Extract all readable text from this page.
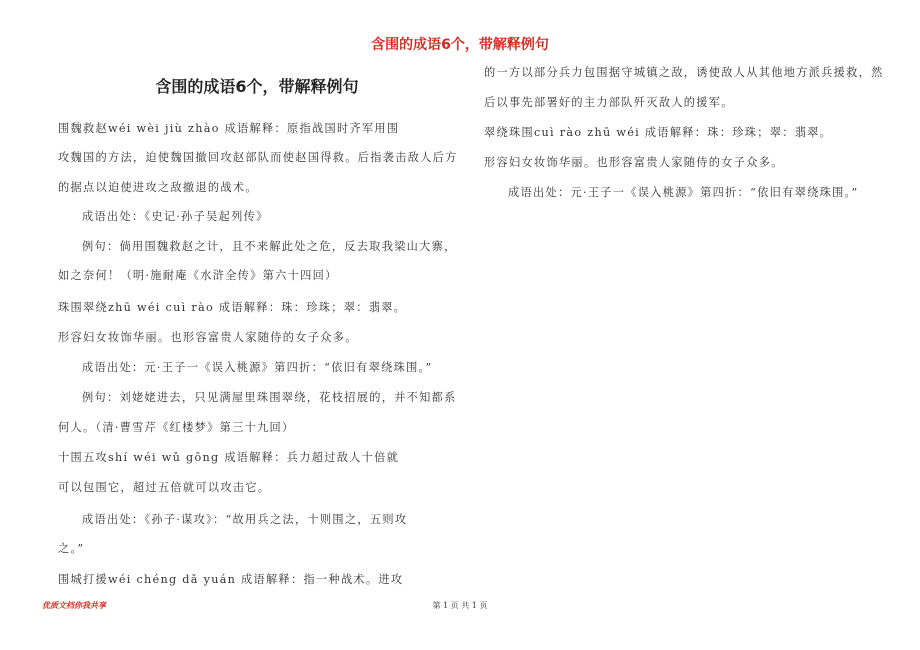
含围的成语6个，带解释例句
含围的成语6个，带解释例句
围魏救赵wéi wèi jiù zhào 成语解释：原指战国时齐军用围
攻魏国的方法，迫使魏国撤回攻赵部队而使赵国得救。后指袭击敌人后方
的据点以迫使进攻之敌撤退的战术。
成语出处：《史记·孙子吴起列传》
例句：倘用围魏救赵之计，且不来解此处之危，反去取我梁山大寨，
如之奈何！（明·施耐庵《水浒全传》第六十四回）
珠围翠绕zhū wéi cuì rào 成语解释：珠：珍珠；翠：翡翠。
形容妇女妆饰华丽。也形容富贵人家随侍的女子众多。
成语出处：元·王子一《误入桃源》第四折：“依旧有翠绕珠围。”
例句：刘姥姥进去，只见满屋里珠围翠绕，花枝招展的，并不知都系
何人。（清·曹雪芹《红楼梦》第三十九回）
十围五攻shí wéi wǔ gōng 成语解释：兵力超过敌人十倍就
可以包围它，超过五倍就可以攻击它。
成语出处：《孙子·谋攻》：“故用兵之法，十则围之，五则攻
之。”
围城打援wéi chéng dǎ yuán 成语解释：指一种战术。进攻
的一方以部分兵力包围据守城镇之敌，诱使敌人从其他地方派兵援救，然
后以事先部署好的主力部队歼灭敌人的援军。
翠绕珠围cuì rào zhū wéi 成语解释：珠：珍珠；翠：翡翠。
形容妇女妆饰华丽。也形容富贵人家随侍的女子众多。
成语出处：元·王子一《误入桃源》第四折：“依旧有翠绕珠围。”
优质文档你我共享	第 1 页 共 1 页
